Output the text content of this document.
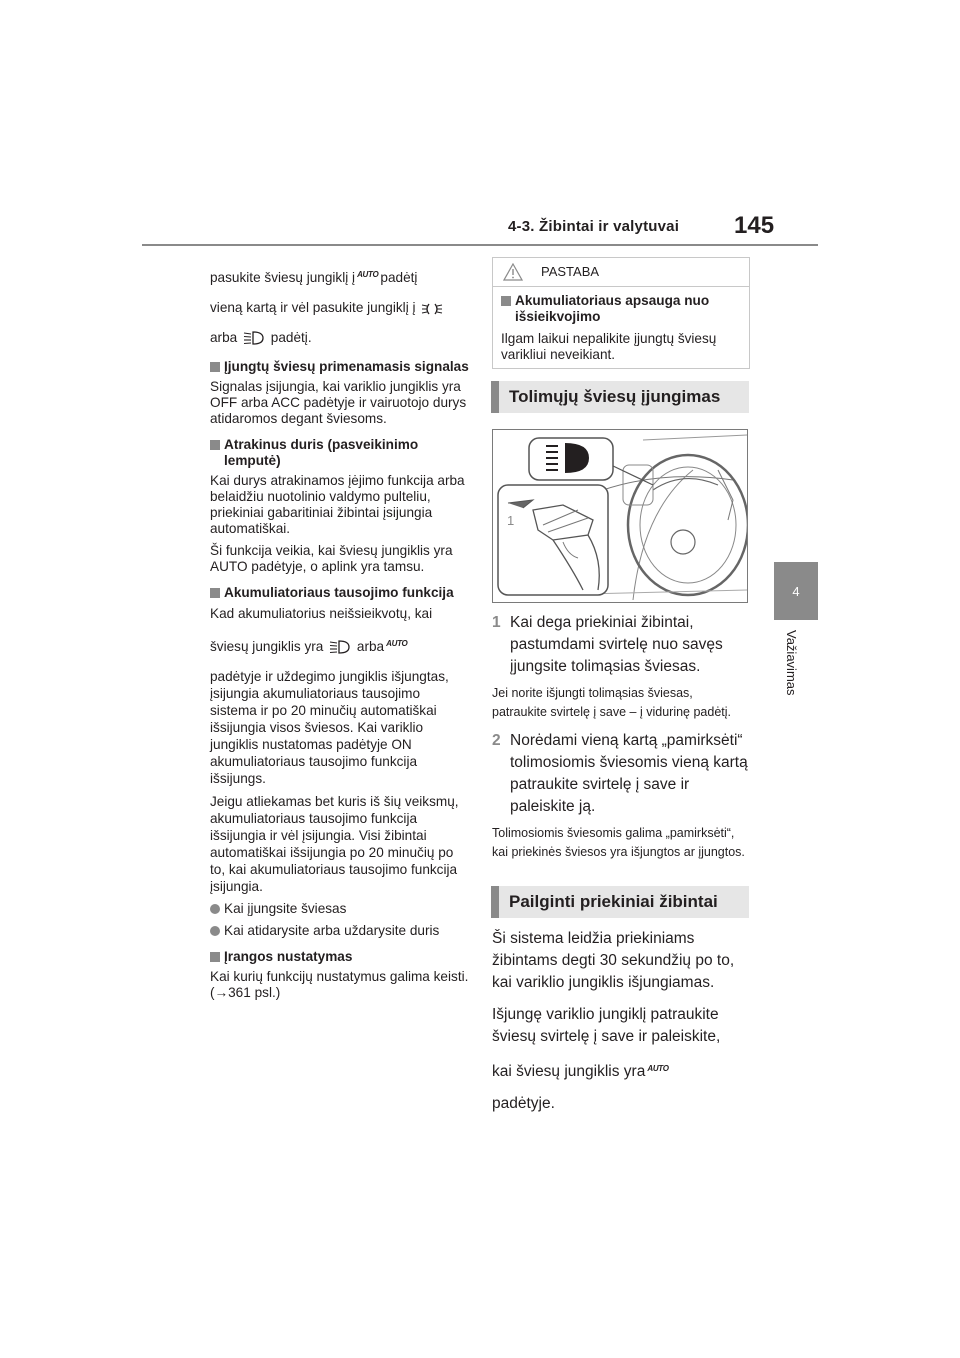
4-3. Žibintai ir valytuvai 145
4
Važiavimas

pasukite šviesų jungiklį į AUTO padėtį

vieną kartą ir vėl pasukite jungiklį į

arba padėtį.

Įjungtų šviesų primenamasis signalas

Signalas įsijungia, kai variklio jungiklis yra OFF arba ACC padėtyje ir vairuotojo durys atidaromos degant šviesoms.

Atrakinus duris (pasveikinimo lemputė)

Kai durys atrakinamos įėjimo funkcija arba belaidžiu nuotolinio valdymo pulteliu, priekiniai gabaritiniai žibintai įsijungia automatiškai.

Ši funkcija veikia, kai šviesų jungiklis yra AUTO padėtyje, o aplink yra tamsu.

Akumuliatoriaus tausojimo funkcija

Kad akumuliatorius neišsieikvotų, kai

šviesų jungiklis yra arba AUTO

padėtyje ir uždegimo jungiklis išjungtas, įsijungia akumuliatoriaus tausojimo sistema ir po 20 minučių automatiškai išsijungia visos šviesos. Kai variklio jungiklis nustatomas padėtyje ON akumuliatoriaus tausojimo funkcija išsijungs.

Jeigu atliekamas bet kuris iš šių veiksmų, akumuliatoriaus tausojimo funkcija išsijungia ir vėl įsijungia. Visi žibintai automatiškai išsijungia po 20 minučių po to, kai akumuliatoriaus tausojimo funkcija įsijungia.

Kai įjungsite šviesas

Kai atidarysite arba uždarysite duris

Įrangos nustatymas

Kai kurių funkcijų nustatymus galima keisti. (→361 psl.)

PASTABA

Akumuliatoriaus apsauga nuo išsieikvojimo

Ilgam laikui nepalikite įjungtų šviesų varikliui neveikiant.

Tolimųjų šviesų įjungimas
1
1 Kai dega priekiniai žibintai, pastumdami svirtelę nuo savęs įjungsite tolimąsias šviesas.

Jei norite išjungti tolimąsias šviesas, patraukite svirtelę į save – į vidurinę padėtį.

2 Norėdami vieną kartą „pamirksėti“ tolimosiomis šviesomis vieną kartą patraukite svirtelę į save ir paleiskite ją.

Tolimosiomis šviesomis galima „pamirksėti“, kai priekinės šviesos yra išjungtos ar įjungtos.

Pailginti priekiniai žibintai

Ši sistema leidžia priekiniams žibintams degti 30 sekundžių po to, kai variklio jungiklis išjungiamas.

Išjungę variklio jungiklį patraukite šviesų svirtelę į save ir paleiskite,

kai šviesų jungiklis yra AUTO

padėtyje.
